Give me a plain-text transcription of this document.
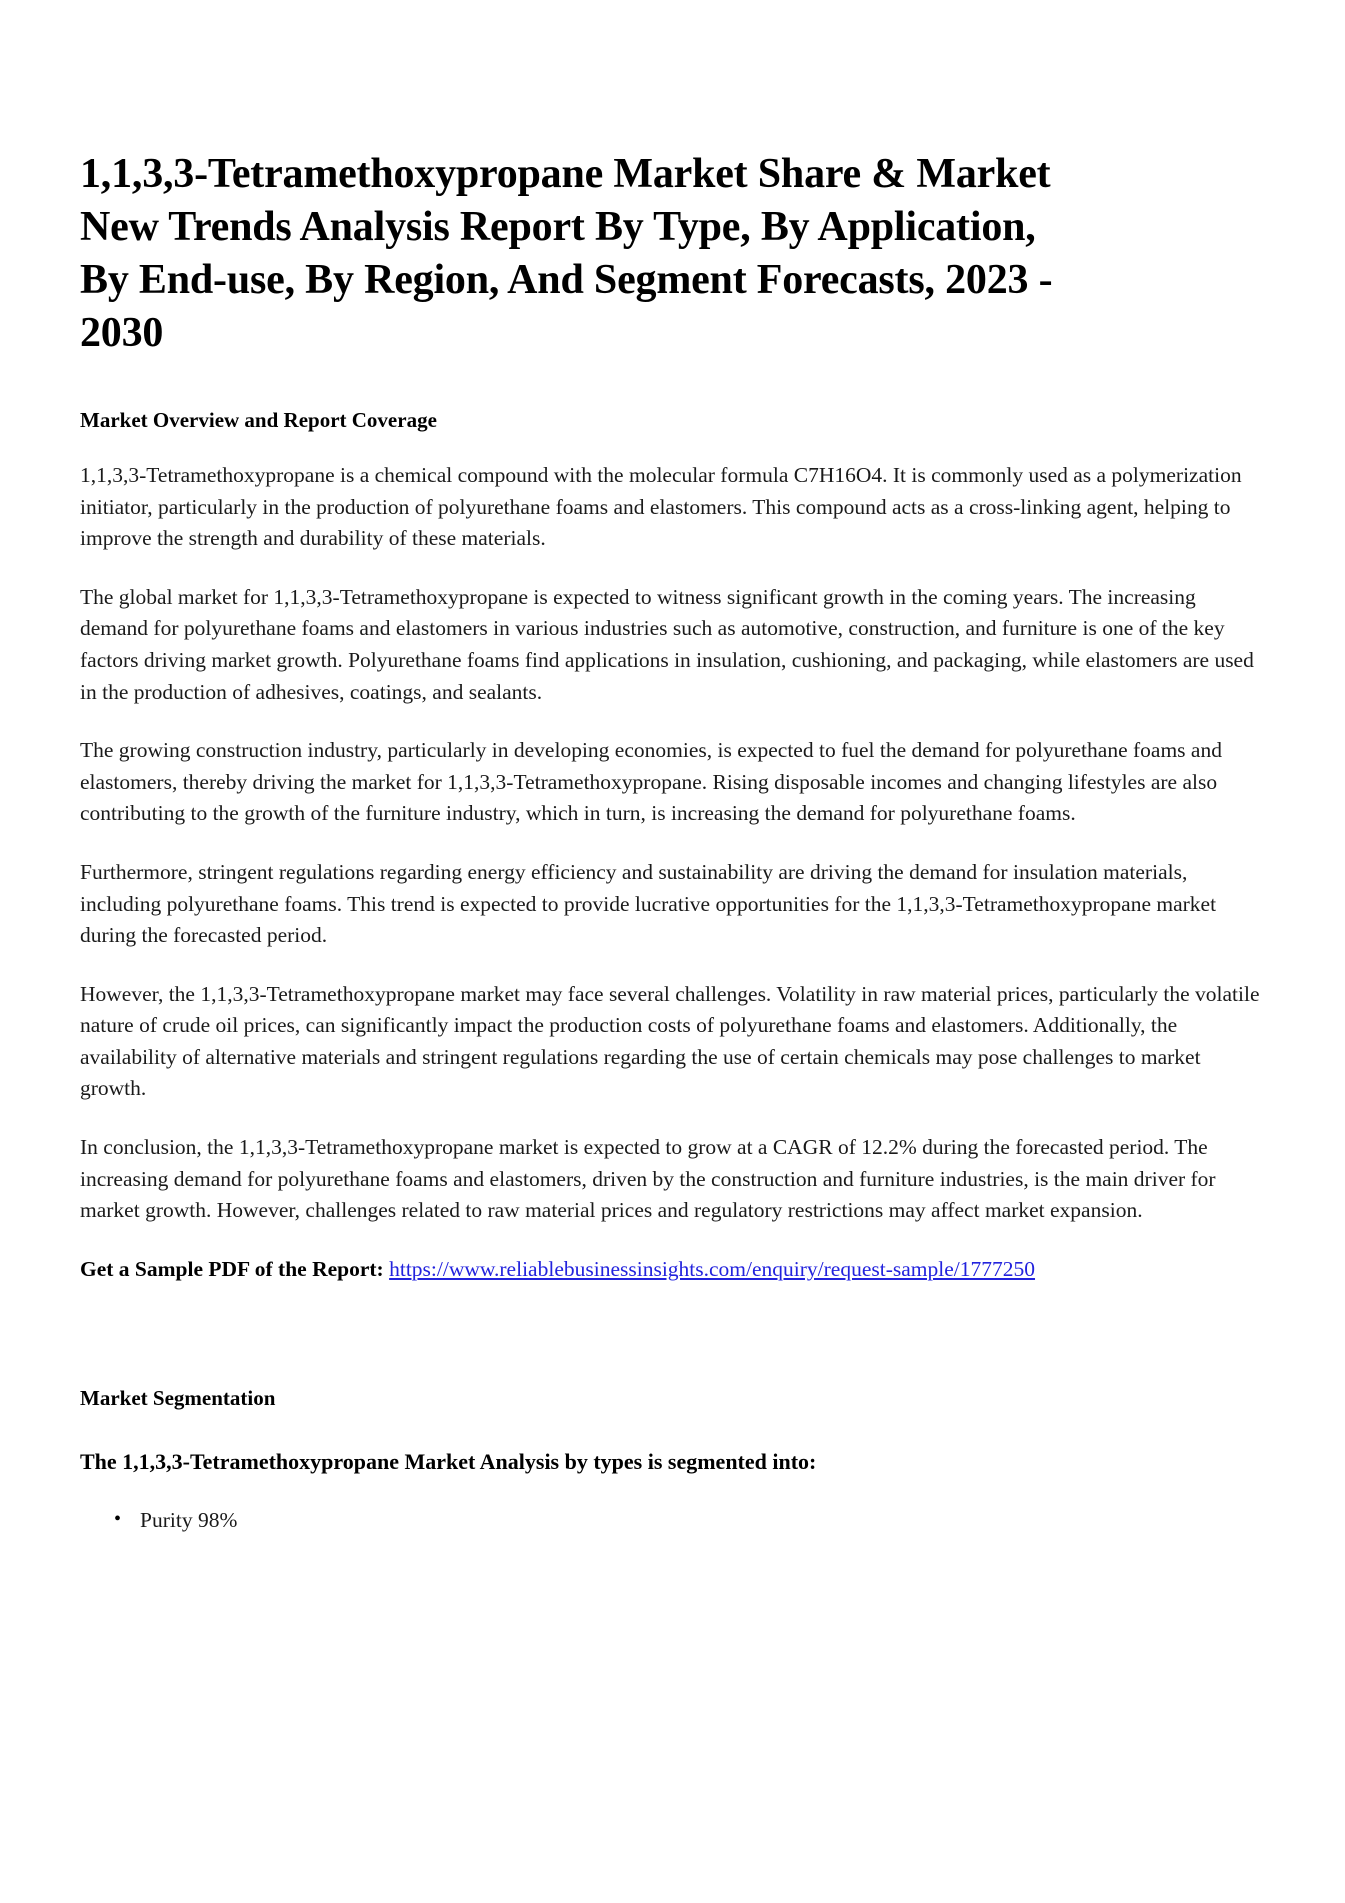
1,1,3,3-Tetramethoxypropane Market Share & Market New Trends Analysis Report By Type, By Application, By End-use, By Region, And Segment Forecasts, 2023 - 2030
Market Overview and Report Coverage

1,1,3,3-Tetramethoxypropane is a chemical compound with the molecular formula C7H16O4. It is commonly used as a polymerization initiator, particularly in the production of polyurethane foams and elastomers. This compound acts as a cross-linking agent, helping to improve the strength and durability of these materials.

The global market for 1,1,3,3-Tetramethoxypropane is expected to witness significant growth in the coming years. The increasing demand for polyurethane foams and elastomers in various industries such as automotive, construction, and furniture is one of the key factors driving market growth. Polyurethane foams find applications in insulation, cushioning, and packaging, while elastomers are used in the production of adhesives, coatings, and sealants.

The growing construction industry, particularly in developing economies, is expected to fuel the demand for polyurethane foams and elastomers, thereby driving the market for 1,1,3,3-Tetramethoxypropane. Rising disposable incomes and changing lifestyles are also contributing to the growth of the furniture industry, which in turn, is increasing the demand for polyurethane foams.

Furthermore, stringent regulations regarding energy efficiency and sustainability are driving the demand for insulation materials, including polyurethane foams. This trend is expected to provide lucrative opportunities for the 1,1,3,3-Tetramethoxypropane market during the forecasted period.

However, the 1,1,3,3-Tetramethoxypropane market may face several challenges. Volatility in raw material prices, particularly the volatile nature of crude oil prices, can significantly impact the production costs of polyurethane foams and elastomers. Additionally, the availability of alternative materials and stringent regulations regarding the use of certain chemicals may pose challenges to market growth.

In conclusion, the 1,1,3,3-Tetramethoxypropane market is expected to grow at a CAGR of 12.2% during the forecasted period. The increasing demand for polyurethane foams and elastomers, driven by the construction and furniture industries, is the main driver for market growth. However, challenges related to raw material prices and regulatory restrictions may affect market expansion.

Get a Sample PDF of the Report: https://www.reliablebusinessinsights.com/enquiry/request-sample/1777250

Market Segmentation
The 1,1,3,3-Tetramethoxypropane Market Analysis by types is segmented into:
• Purity 98%
